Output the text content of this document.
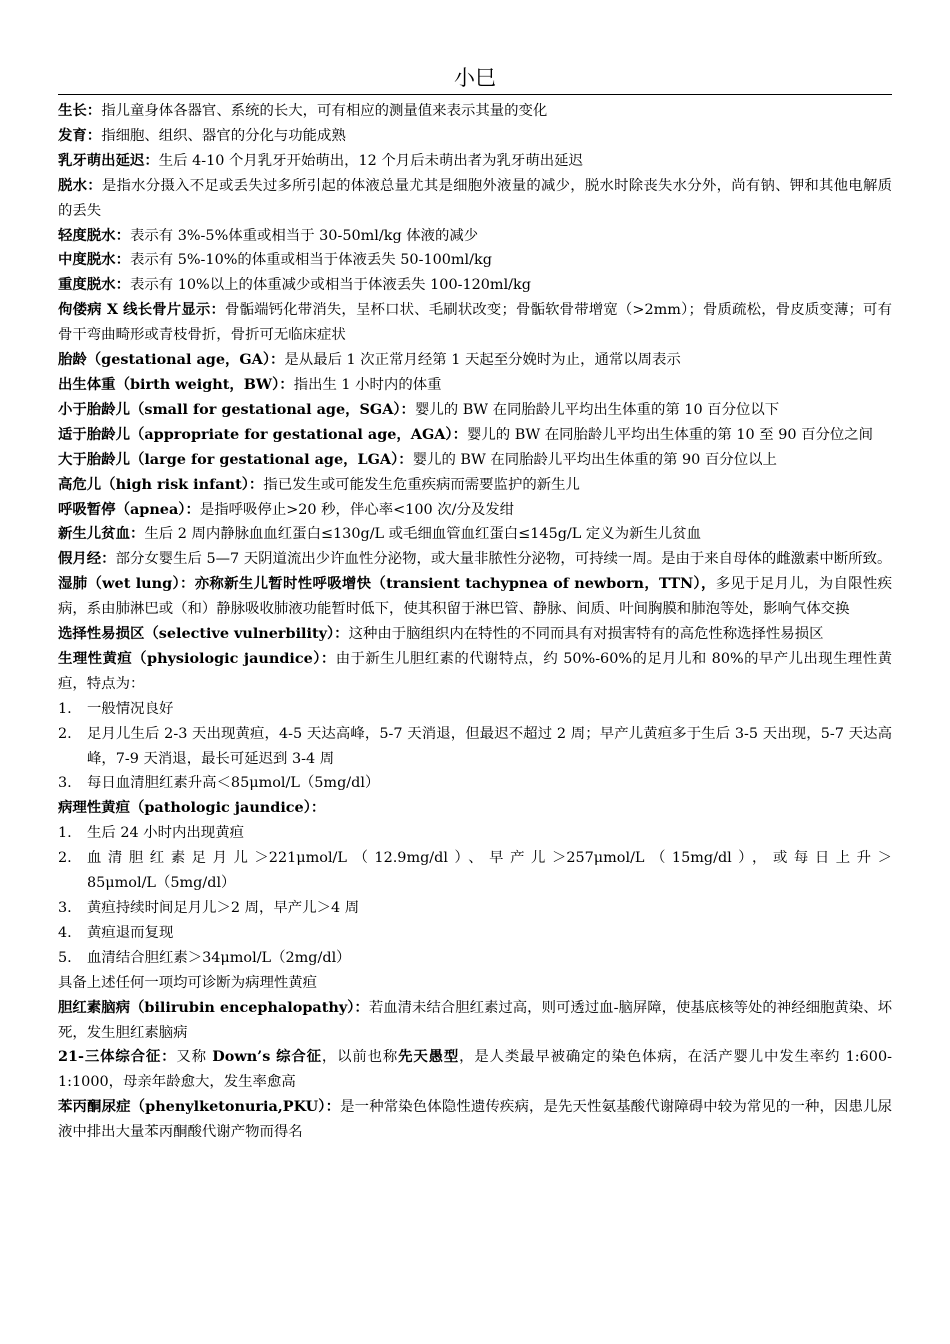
小巳

生长：指儿童身体各器官、系统的长大，可有相应的测量值来表示其量的变化

发育：指细胞、组织、器官的分化与功能成熟

乳牙萌出延迟：生后 4-10 个月乳牙开始萌出，12 个月后未萌出者为乳牙萌出延迟

脱水：是指水分摄入不足或丢失过多所引起的体液总量尤其是细胞外液量的减少，脱水时除丧失水分外，尚有钠、钾和其他电解质的丢失

轻度脱水：表示有 3%-5%体重或相当于 30-50ml/kg 体液的减少

中度脱水：表示有 5%-10%的体重或相当于体液丢失 50-100ml/kg

重度脱水：表示有 10%以上的体重减少或相当于体液丢失 100-120ml/kg

佝偻病 X 线长骨片显示：骨骺端钙化带消失，呈杯口状、毛刷状改变；骨骺软骨带增宽（>2mm）；骨质疏松，骨皮质变薄；可有骨干弯曲畸形或青枝骨折，骨折可无临床症状

胎龄（gestational age，GA）：是从最后 1 次正常月经第 1 天起至分娩时为止，通常以周表示

出生体重（birth weight，BW）：指出生 1 小时内的体重

小于胎龄儿（small for gestational age，SGA）：婴儿的 BW 在同胎龄儿平均出生体重的第 10 百分位以下

适于胎龄儿（appropriate for gestational age，AGA）：婴儿的 BW 在同胎龄儿平均出生体重的第 10 至 90 百分位之间

大于胎龄儿（large for gestational age，LGA）：婴儿的 BW 在同胎龄儿平均出生体重的第 90 百分位以上

高危儿（high risk infant）：指已发生或可能发生危重疾病而需要监护的新生儿

呼吸暂停（apnea）：是指呼吸停止>20 秒，伴心率<100 次/分及发绀

新生儿贫血：生后 2 周内静脉血血红蛋白≤130g/L 或毛细血管血红蛋白≤145g/L 定义为新生儿贫血

假月经：部分女婴生后 5—7 天阴道流出少许血性分泌物，或大量非脓性分泌物，可持续一周。是由于来自母体的雌激素中断所致。

湿肺（wet lung）：亦称新生儿暂时性呼吸增快（transient tachypnea of newborn，TTN），多见于足月儿，为自限性疾病，系由肺淋巴或（和）静脉吸收肺液功能暂时低下，使其积留于淋巴管、静脉、间质、叶间胸膜和肺泡等处，影响气体交换

选择性易损区（selective vulnerbility）：这种由于脑组织内在特性的不同而具有对损害特有的高危性称选择性易损区

生理性黄疸（physiologic jaundice）：由于新生儿胆红素的代谢特点，约 50%-60%的足月儿和 80%的早产儿出现生理性黄疸，特点为：

1.	一般情况良好
2.	足月儿生后 2-3 天出现黄疸，4-5 天达高峰，5-7 天消退，但最迟不超过 2 周；早产儿黄疸多于生后 3-5 天出现，5-7 天达高峰，7-9 天消退，最长可延迟到 3-4 周
3.	每日血清胆红素升高＜85μmol/L（5mg/dl）

病理性黄疸（pathologic jaundice）：

1.	生后 24 小时内出现黄疸
2.	血清胆红素足月儿＞221μmol/L（12.9mg/dl）、早产儿＞257μmol/L（15mg/dl），或每日上升＞
85μmol/L（5mg/dl）
3.	黄疸持续时间足月儿＞2 周，早产儿＞4 周
4.	黄疸退而复现
5.	血清结合胆红素＞34μmol/L（2mg/dl）

具备上述任何一项均可诊断为病理性黄疸

胆红素脑病（bilirubin encephalopathy）：若血清未结合胆红素过高，则可透过血-脑屏障，使基底核等处的神经细胞黄染、坏死，发生胆红素脑病

21-三体综合征：又称 Down’s 综合征，以前也称先天愚型，是人类最早被确定的染色体病，在活产婴儿中发生率约 1:600-1:1000，母亲年龄愈大，发生率愈高

苯丙酮尿症（phenylketonuria,PKU）：是一种常染色体隐性遗传疾病，是先天性氨基酸代谢障碍中较为常见的一种，因患儿尿液中排出大量苯丙酮酸代谢产物而得名
